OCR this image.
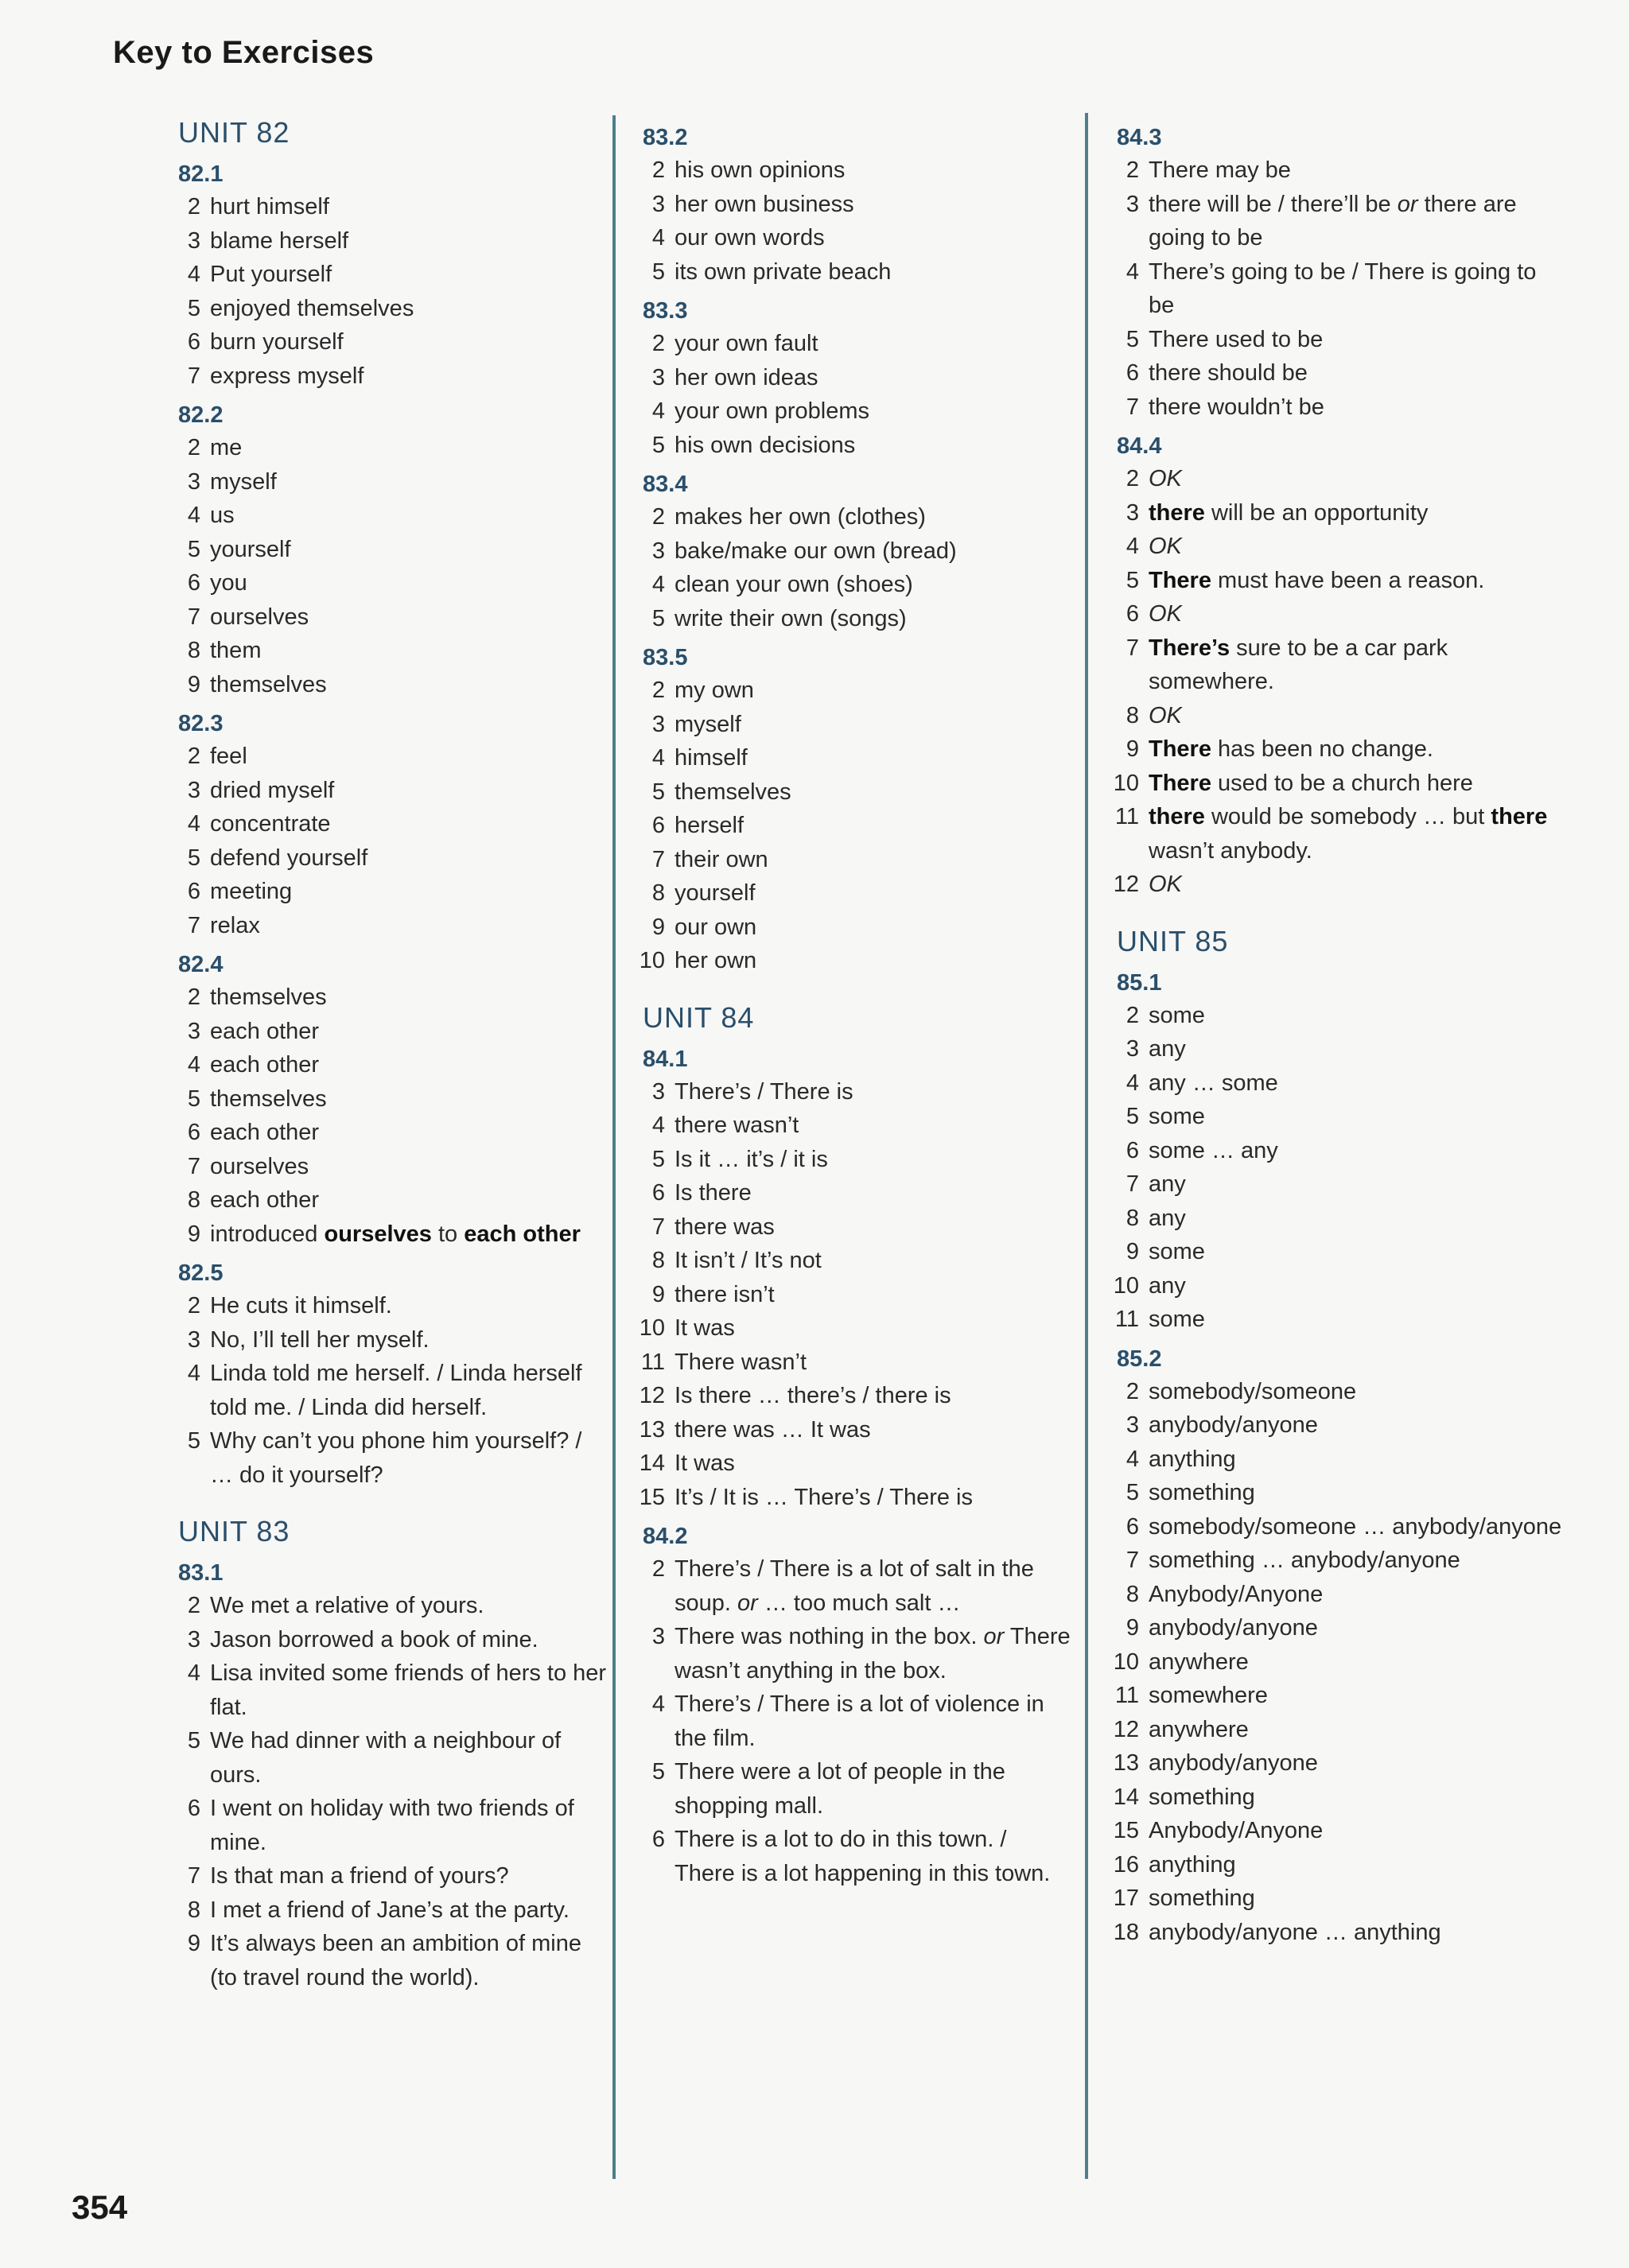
Key to Exercises
UNIT 82
82.1
2 hurt himself
3 blame herself
4 Put yourself
5 enjoyed themselves
6 burn yourself
7 express myself
82.2
2 me
3 myself
4 us
5 yourself
6 you
7 ourselves
8 them
9 themselves
82.3
2 feel
3 dried myself
4 concentrate
5 defend yourself
6 meeting
7 relax
82.4
2 themselves
3 each other
4 each other
5 themselves
6 each other
7 ourselves
8 each other
9 introduced ourselves to each other
82.5
2 He cuts it himself.
3 No, I’ll tell her myself.
4 Linda told me herself. / Linda herself told me. / Linda did herself.
5 Why can’t you phone him yourself? / … do it yourself?
UNIT 83
83.1
2 We met a relative of yours.
3 Jason borrowed a book of mine.
4 Lisa invited some friends of hers to her flat.
5 We had dinner with a neighbour of ours.
6 I went on holiday with two friends of mine.
7 Is that man a friend of yours?
8 I met a friend of Jane’s at the party.
9 It’s always been an ambition of mine (to travel round the world).
83.2
2 his own opinions
3 her own business
4 our own words
5 its own private beach
83.3
2 your own fault
3 her own ideas
4 your own problems
5 his own decisions
83.4
2 makes her own (clothes)
3 bake/make our own (bread)
4 clean your own (shoes)
5 write their own (songs)
83.5
2 my own
3 myself
4 himself
5 themselves
6 herself
7 their own
8 yourself
9 our own
10 her own
UNIT 84
84.1
3 There’s / There is
4 there wasn’t
5 Is it … it’s / it is
6 Is there
7 there was
8 It isn’t / It’s not
9 there isn’t
10 It was
11 There wasn’t
12 Is there … there’s / there is
13 there was … It was
14 It was
15 It’s / It is … There’s / There is
84.2
2 There’s / There is a lot of salt in the soup. or … too much salt …
3 There was nothing in the box. or There wasn’t anything in the box.
4 There’s / There is a lot of violence in the film.
5 There were a lot of people in the shopping mall.
6 There is a lot to do in this town. / There is a lot happening in this town.
84.3
2 There may be
3 there will be / there’ll be or there are going to be
4 There’s going to be / There is going to be
5 There used to be
6 there should be
7 there wouldn’t be
84.4
2 OK
3 there will be an opportunity
4 OK
5 There must have been a reason.
6 OK
7 There’s sure to be a car park somewhere.
8 OK
9 There has been no change.
10 There used to be a church here
11 there would be somebody … but there wasn’t anybody.
12 OK
UNIT 85
85.1
2 some
3 any
4 any … some
5 some
6 some … any
7 any
8 any
9 some
10 any
11 some
85.2
2 somebody/someone
3 anybody/anyone
4 anything
5 something
6 somebody/someone … anybody/anyone
7 something … anybody/anyone
8 Anybody/Anyone
9 anybody/anyone
10 anywhere
11 somewhere
12 anywhere
13 anybody/anyone
14 something
15 Anybody/Anyone
16 anything
17 something
18 anybody/anyone … anything
354
